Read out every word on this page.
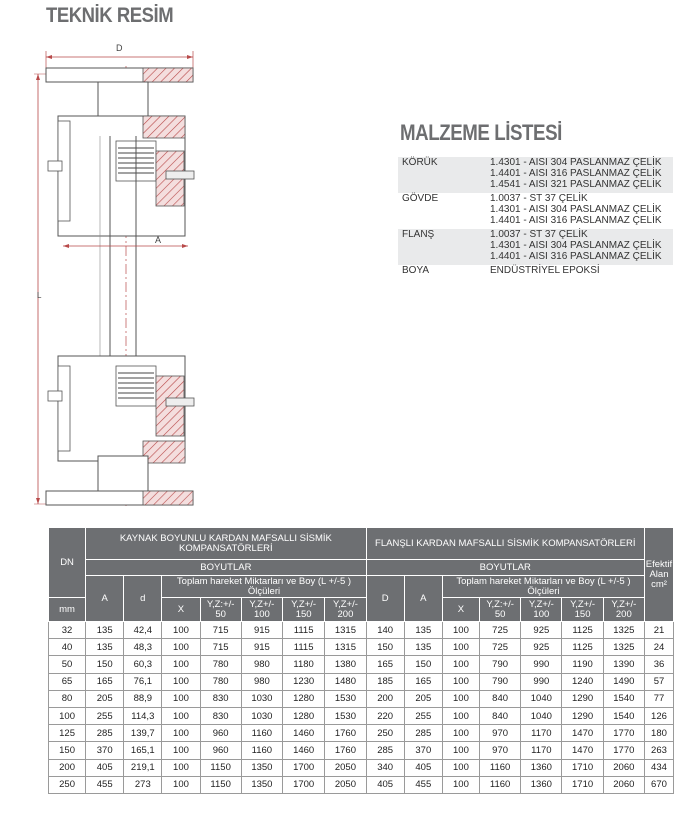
TEKNİK RESİM
D
L
A
MALZEME LİSTESİ
KÖRÜK	1.4301 - AISI 304 PASLANMAZ ÇELİK
1.4401 - AISI 316 PASLANMAZ ÇELİK
1.4541 - AISI 321 PASLANMAZ ÇELİK

GÖVDE	1.0037 - ST 37 ÇELİK
1.4301 - AISI 304 PASLANMAZ ÇELİK
1.4401 - AISI 316 PASLANMAZ ÇELİK

FLANŞ	1.0037 - ST 37 ÇELİK
1.4301 - AISI 304 PASLANMAZ ÇELİK
1.4401 - AISI 316 PASLANMAZ ÇELİK

BOYA	ENDÜSTRİYEL EPOKSİ
DN	KAYNAK BOYUNLU KARDAN MAFSALLI SİSMİK KOMPANSATÖRLERİ							FLANŞLI KARDAN MAFSALLI SİSMİK KOMPANSATÖRLERİ							Efektif Alan cm²
	BOYUTLAR							BOYUTLAR							
	A	d	Toplam hareket Miktarları ve Boy (L +/-5 ) Ölçüleri					D	A	Toplam hareket Miktarları ve Boy (L +/-5 ) Ölçüleri					
mm			X	Y,Z:+/- 50	Y,Z+/- 100	Y,Z+/- 150	Y,Z+/- 200			X	Y,Z:+/- 50	Y,Z+/- 100	Y,Z+/- 150	Y,Z+/- 200	

32	135	42,4	100	715	915	1115	1315	140	135	100	725	925	1125	1325	21
40	135	48,3	100	715	915	1115	1315	150	135	100	725	925	1125	1325	24
50	150	60,3	100	780	980	1180	1380	165	150	100	790	990	1190	1390	36
65	165	76,1	100	780	980	1230	1480	185	165	100	790	990	1240	1490	57
80	205	88,9	100	830	1030	1280	1530	200	205	100	840	1040	1290	1540	77
100	255	114,3	100	830	1030	1280	1530	220	255	100	840	1040	1290	1540	126
125	285	139,7	100	960	1160	1460	1760	250	285	100	970	1170	1470	1770	180
150	370	165,1	100	960	1160	1460	1760	285	370	100	970	1170	1470	1770	263
200	405	219,1	100	1150	1350	1700	2050	340	405	100	1160	1360	1710	2060	434
250	455	273	100	1150	1350	1700	2050	405	455	100	1160	1360	1710	2060	670
